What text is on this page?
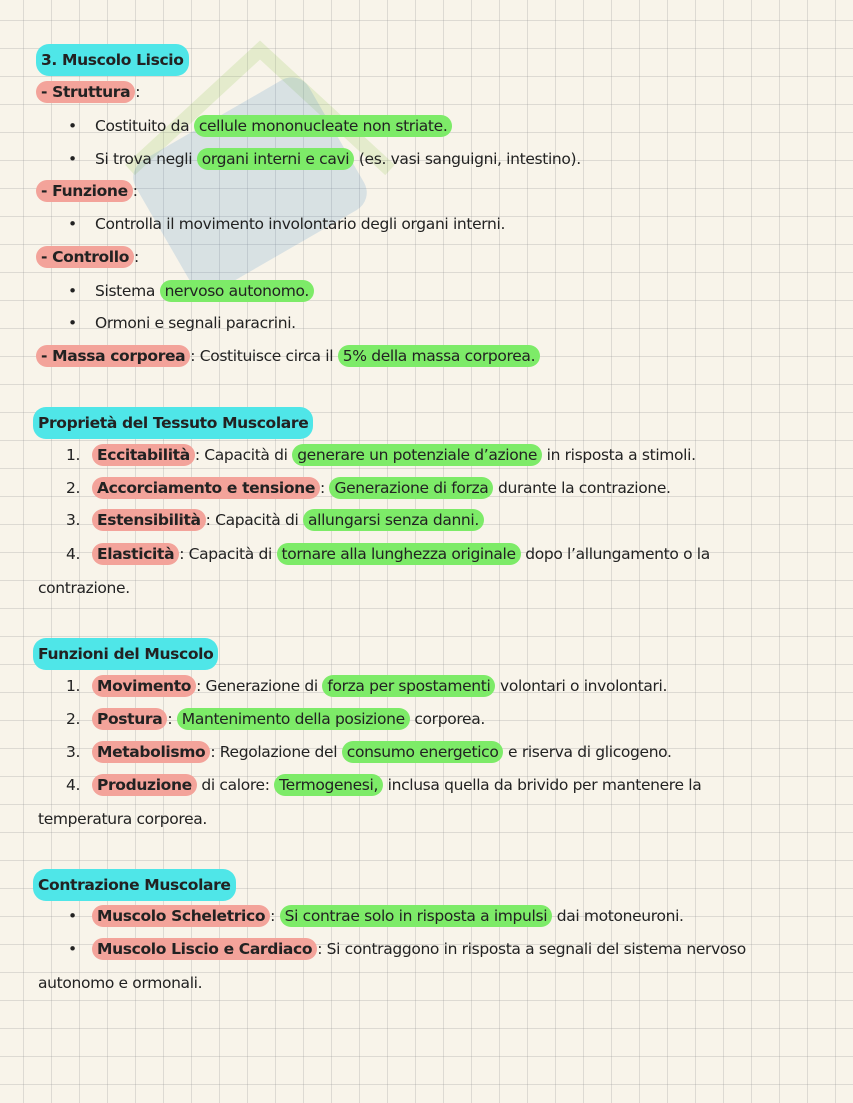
3. Muscolo Liscio
- Struttura :
• Costituito da cellule mononucleate non striate.
• Si trova negli organi interni e cavi (es. vasi sanguigni, intestino).
- Funzione :
• Controlla il movimento involontario degli organi interni.
- Controllo :
• Sistema nervoso autonomo.
• Ormoni e segnali paracrini.
- Massa corporea : Costituisce circa il 5% della massa corporea.
Proprietà del Tessuto Muscolare
1.	Eccitabilità : Capacità di generare un potenziale d’azione in risposta a stimoli.
2.	Accorciamento e tensione : Generazione di forza durante la contrazione.
3.	Estensibilità : Capacità di allungarsi senza danni.
4.	Elasticità : Capacità di tornare alla lunghezza originale dopo l’allungamento o la
contrazione.
Funzioni del Muscolo
1.	Movimento : Generazione di forza per spostamenti volontari o involontari.
2.	Postura : Mantenimento della posizione corporea.
3.	Metabolismo : Regolazione del consumo energetico e riserva di glicogeno.
4.	Produzione di calore: Termogenesi, inclusa quella da brivido per mantenere la
temperatura corporea.
Contrazione Muscolare
•	Muscolo Scheletrico : Si contrae solo in risposta a impulsi dai motoneuroni.
•	Muscolo Liscio e Cardiaco : Si contraggono in risposta a segnali del sistema nervoso
autonomo e ormonali.
